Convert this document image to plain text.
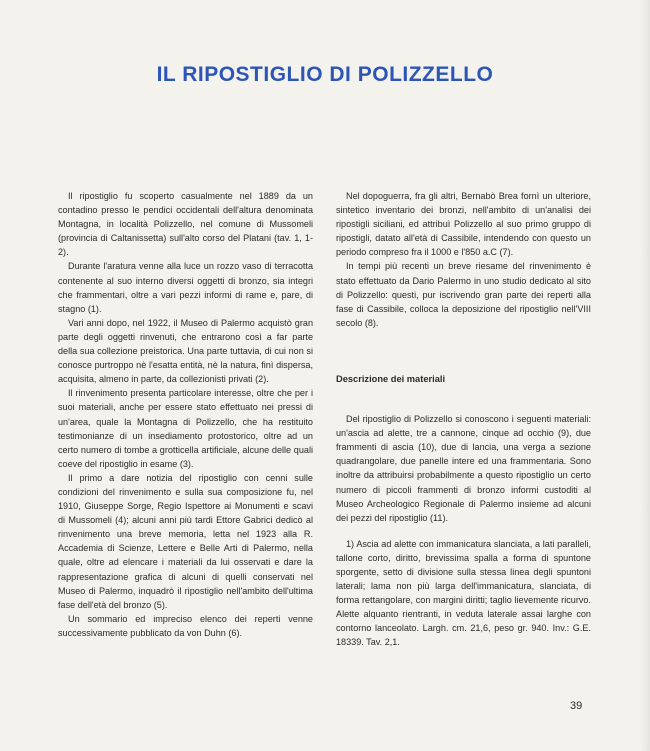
IL RIPOSTIGLIO DI POLIZZELLO

Il ripostiglio fu scoperto casualmente nel 1889 da un contadino presso le pendici occidentali dell'altura denominata Montagna, in località Polizzello, nel comune di Mussomeli (provincia di Caltanissetta) sull'alto corso del Platani (tav. 1, 1-2).

Durante l'aratura venne alla luce un rozzo vaso di terracotta contenente al suo interno diversi oggetti di bronzo, sia integri che frammentari, oltre a vari pezzi informi di rame e, pare, di stagno (1).

Vari anni dopo, nel 1922, il Museo di Palermo acquistò gran parte degli oggetti rinvenuti, che entrarono così a far parte della sua collezione preistorica. Una parte tuttavia, di cui non si conosce purtroppo nè l'esatta entità, nè la natura, finì dispersa, acquisita, almeno in parte, da collezionisti privati (2).

Il rinvenimento presenta particolare interesse, oltre che per i suoi materiali, anche per essere stato effettuato nei pressi di un'area, quale la Montagna di Polizzello, che ha restituito testimonianze di un insediamento protostorico, oltre ad un certo numero di tombe a grotticella artificiale, alcune delle quali coeve del ripostiglio in esame (3).

Il primo a dare notizia del ripostiglio con cenni sulle condizioni del rinvenimento e sulla sua composizione fu, nel 1910, Giuseppe Sorge, Regio Ispettore ai Monumenti e scavi di Mussomeli (4); alcuni anni più tardi Ettore Gabrici dedicò al rinvenimento una breve memoria, letta nel 1923 alla R. Accademia di Scienze, Lettere e Belle Arti di Palermo, nella quale, oltre ad elencare i materiali da lui osservati e dare la rappresentazione grafica di alcuni di quelli conservati nel Museo di Palermo, inquadrò il ripostiglio nell'ambito dell'ultima fase dell'età del bronzo (5).

Un sommario ed impreciso elenco dei reperti venne successivamente pubblicato da von Duhn (6).

Nel dopoguerra, fra gli altri, Bernabò Brea fornì un ulteriore, sintetico inventario dei bronzi, nell'ambito di un'analisi dei ripostigli siciliani, ed attribuì Polizzello al suo primo gruppo di ripostigli, datato all'età di Cassibile, intendendo con questo un periodo compreso fra il 1000 e l'850 a.C (7).

In tempi più recenti un breve riesame del rinvenimento è stato effettuato da Dario Palermo in uno studio dedicato al sito di Polizzello: questi, pur iscrivendo gran parte dei reperti alla fase di Cassibile, colloca la deposizione del ripostiglio nell'VIII secolo (8).

Descrizione dei materiali

Del ripostiglio di Polizzello si conoscono i seguenti materiali: un'ascia ad alette, tre a cannone, cinque ad occhio (9), due frammenti di ascia (10), due di lancia, una verga a sezione quadrangolare, due panelle intere ed una frammentaria. Sono inoltre da attribuirsi probabilmente a questo ripostiglio un certo numero di piccoli frammenti di bronzo informi custoditi al Museo Archeologico Regionale di Palermo insieme ad alcuni dei pezzi del ripostiglio (11).

1) Ascia ad alette con immanicatura slanciata, a lati paralleli, tallone corto, diritto, brevissima spalla a forma di spuntone sporgente, setto di divisione sulla stessa linea degli spuntoni laterali; lama non più larga dell'immanicatura, slanciata, di forma rettangolare, con margini diritti; taglio lievemente ricurvo. Alette alquanto rientranti, in veduta laterale assai larghe con contorno lanceolato. Largh. cm. 21,6, peso gr. 940. Inv.: G.E. 18339. Tav. 2,1.

39
